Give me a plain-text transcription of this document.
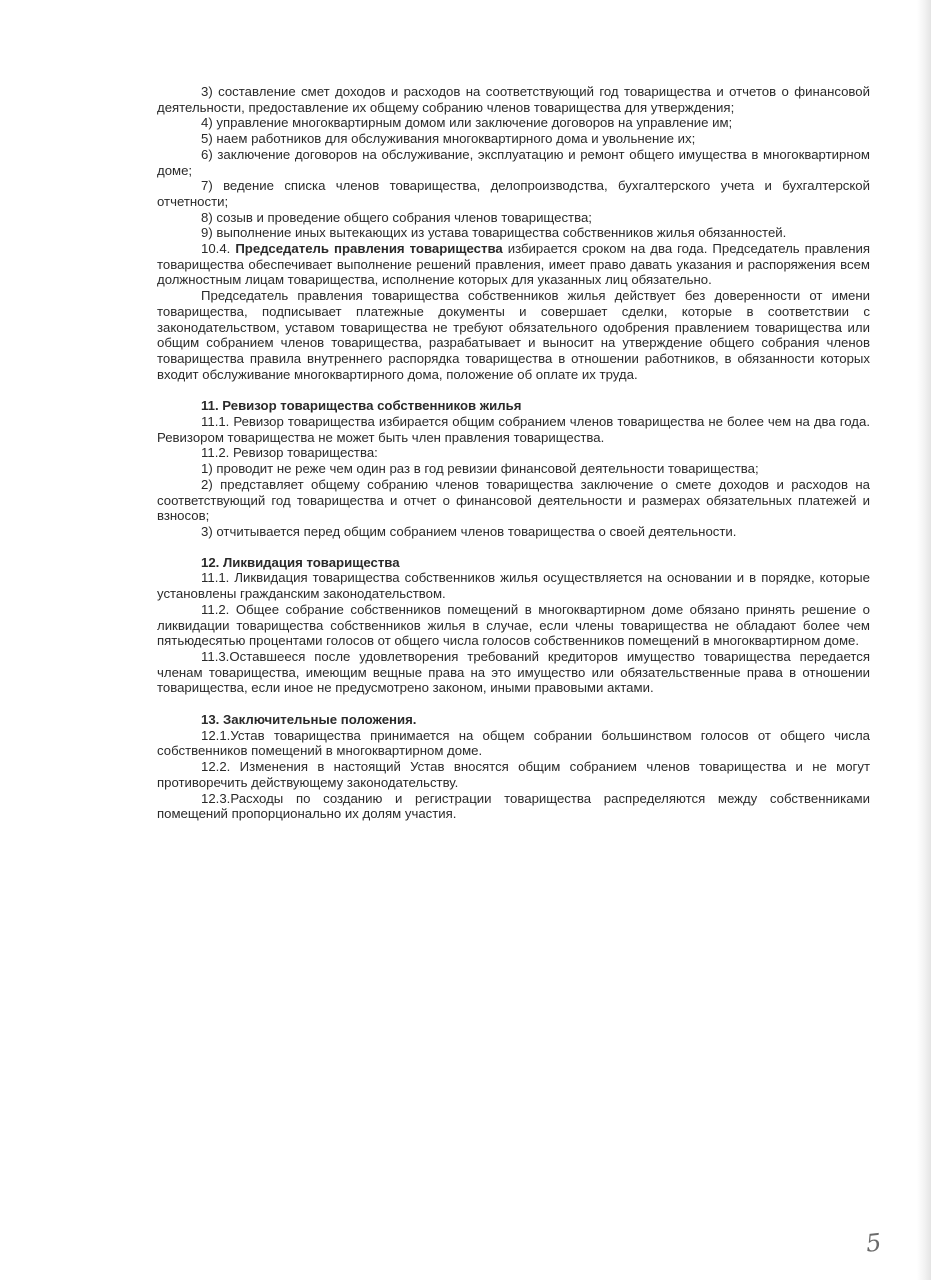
3) составление смет доходов и расходов на соответствующий год товарищества и отчетов о финансовой деятельности, предоставление их общему собранию членов товарищества для утверждения;

4) управление многоквартирным домом или заключение договоров на управление им;

5) наем работников для обслуживания многоквартирного дома и увольнение их;

6) заключение договоров на обслуживание, эксплуатацию и ремонт общего имущества в многоквартирном доме;

7) ведение списка членов товарищества, делопроизводства, бухгалтерского учета и бухгалтерской отчетности;

8) созыв и проведение общего собрания членов товарищества;

9) выполнение иных вытекающих из устава товарищества собственников жилья обязанностей.

10.4. Председатель правления товарищества избирается сроком на два года. Председатель правления товарищества обеспечивает выполнение решений правления, имеет право давать указания и распоряжения всем должностным лицам товарищества, исполнение которых для указанных лиц обязательно.

Председатель правления товарищества собственников жилья действует без доверенности от имени товарищества, подписывает платежные документы и совершает сделки, которые в соответствии с законодательством, уставом товарищества не требуют обязательного одобрения правлением товарищества или общим собранием членов товарищества, разрабатывает и выносит на утверждение общего собрания членов товарищества правила внутреннего распорядка товарищества в отношении работников, в обязанности которых входит обслуживание многоквартирного дома, положение об оплате их труда.

11. Ревизор товарищества собственников жилья

11.1. Ревизор товарищества избирается общим собранием членов товарищества не более чем на два года. Ревизором товарищества не может быть член правления товарищества.

11.2. Ревизор товарищества:

1) проводит не реже чем один раз в год ревизии финансовой деятельности товарищества;

2) представляет общему собранию членов товарищества заключение о смете доходов и расходов на соответствующий год товарищества и отчет о финансовой деятельности и размерах обязательных платежей и взносов;

3) отчитывается перед общим собранием членов товарищества о своей деятельности.

12. Ликвидация товарищества

11.1. Ликвидация товарищества собственников жилья осуществляется на основании и в порядке, которые установлены гражданским законодательством.

11.2. Общее собрание собственников помещений в многоквартирном доме обязано принять решение о ликвидации товарищества собственников жилья в случае, если члены товарищества не обладают более чем пятьюдесятью процентами голосов от общего числа голосов собственников помещений в многоквартирном доме.

11.3.Оставшееся после удовлетворения требований кредиторов имущество товарищества передается членам товарищества, имеющим вещные права на это имущество или обязательственные права в отношении товарищества, если иное не предусмотрено законом, иными правовыми актами.

13. Заключительные положения.

12.1.Устав товарищества принимается на общем собрании большинством голосов от общего числа собственников помещений в многоквартирном доме.

12.2. Изменения в настоящий Устав вносятся общим собранием членов товарищества и не могут противоречить действующему законодательству.

12.3.Расходы по созданию и регистрации товарищества распределяются между собственниками помещений пропорционально их долям участия.

5
